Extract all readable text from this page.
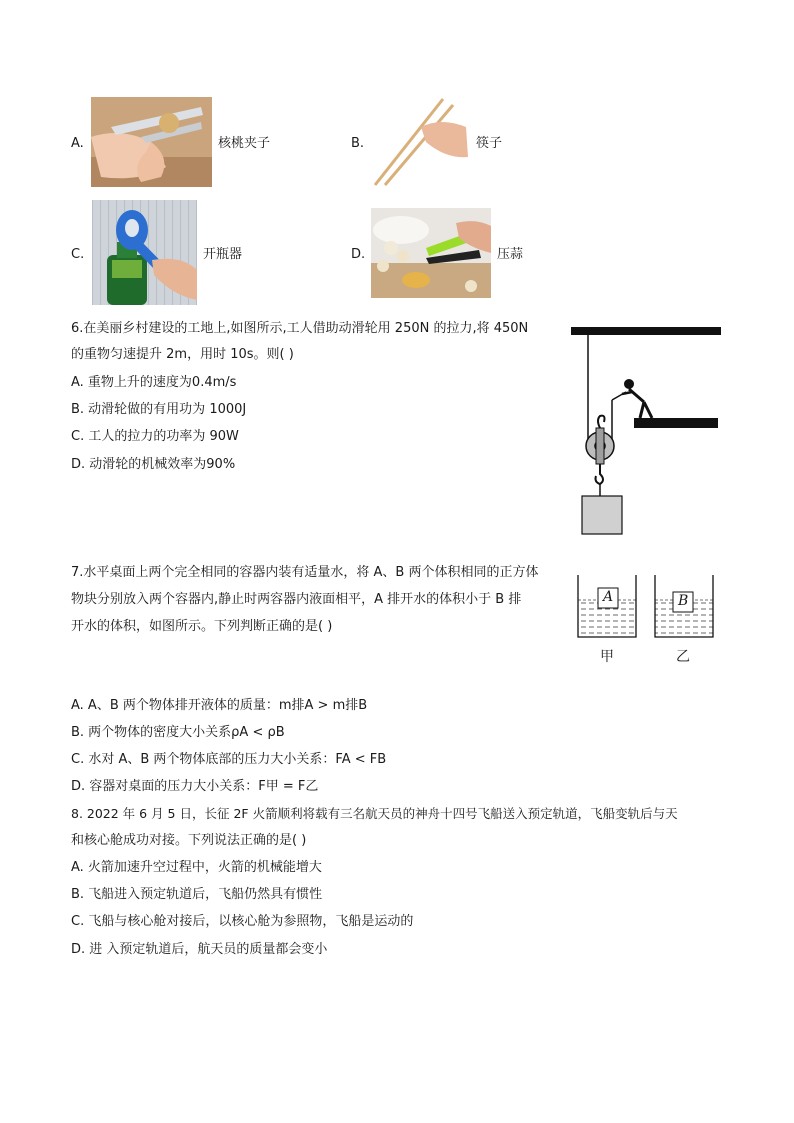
A.	核桃夹子	B.	筷子
C.	开瓶器	D.	压蒜
6.在美丽乡村建设的工地上,如图所示,工人借助动滑轮用 250N 的拉力,将 450N
的重物匀速提升 2m，用时 10s。则( )
A. 重物上升的速度为0.4m/s
B. 动滑轮做的有用功为 1000J
C. 工人的拉力的功率为 90W
D. 动滑轮的机械效率为90%
7.水平桌面上两个完全相同的容器内装有适量水，将 A、B 两个体积相同的正方体
物块分别放入两个容器内,静止时两容器内液面相平，A 排开水的体积小于 B 排
开水的体积，如图所示。下列判断正确的是( )
A	B
甲	乙
A. A、B 两个物体排开液体的质量：m排A > m排B
B. 两个物体的密度大小关系ρA < ρB
C. 水对 A、B 两个物体底部的压力大小关系：FA < FB
D. 容器对桌面的压力大小关系：F甲 = F乙
8. 2022 年 6 月 5 日，长征 2F 火箭顺利将载有三名航天员的神舟十四号飞船送入预定轨道，飞船变轨后与天
和核心舱成功对接。下列说法正确的是( )
A. 火箭加速升空过程中，火箭的机械能增大
B. 飞船进入预定轨道后，飞船仍然具有惯性
C. 飞船与核心舱对接后，以核心舱为参照物，飞船是运动的
D. 进 入预定轨道后，航天员的质量都会变小
